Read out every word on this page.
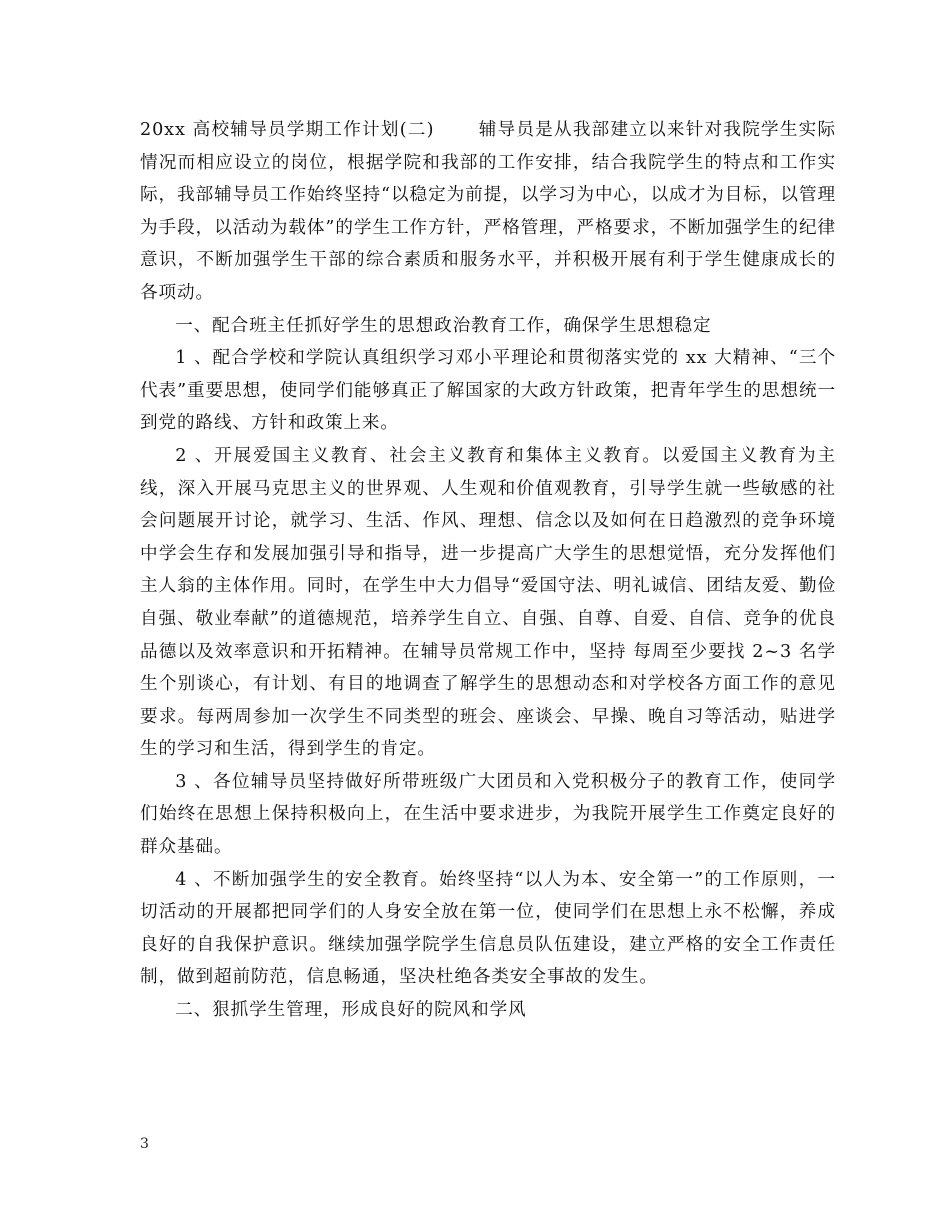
20xx 高校辅导员学期工作计划(二)	辅导员是从我部建立以来针对我院学生实际情况而相应设立的岗位，根据学院和我部的工作安排，结合我院学生的特点和工作实际，我部辅导员工作始终坚持“以稳定为前提，以学习为中心，以成才为目标，以管理为手段，以活动为载体”的学生工作方针，严格管理，严格要求，不断加强学生的纪律意识，不断加强学生干部的综合素质和服务水平，并积极开展有利于学生健康成长的各项动。

一、配合班主任抓好学生的思想政治教育工作，确保学生思想稳定

1 、配合学校和学院认真组织学习邓小平理论和贯彻落实党的 xx 大精神、“三个代表”重要思想，使同学们能够真正了解国家的大政方针政策，把青年学生的思想统一到党的路线、方针和政策上来。

2 、开展爱国主义教育、社会主义教育和集体主义教育。以爱国主义教育为主线，深入开展马克思主义的世界观、人生观和价值观教育，引导学生就一些敏感的社会问题展开讨论，就学习、生活、作风、理想、信念以及如何在日趋激烈的竞争环境中学会生存和发展加强引导和指导，进一步提高广大学生的思想觉悟，充分发挥他们主人翁的主体作用。同时，在学生中大力倡导“爱国守法、明礼诚信、团结友爱、勤俭自强、敬业奉献”的道德规范，培养学生自立、自强、自尊、自爱、自信、竞争的优良品德以及效率意识和开拓精神。在辅导员常规工作中，坚持 每周至少要找 2~3 名学生个别谈心，有计划、有目的地调查了解学生的思想动态和对学校各方面工作的意见要求。每两周参加一次学生不同类型的班会、座谈会、早操、晚自习等活动，贴进学生的学习和生活，得到学生的肯定。

3 、各位辅导员坚持做好所带班级广大团员和入党积极分子的教育工作，使同学们始终在思想上保持积极向上，在生活中要求进步，为我院开展学生工作奠定良好的群众基础。

4 、不断加强学生的安全教育。始终坚持“以人为本、安全第一”的工作原则，一切活动的开展都把同学们的人身安全放在第一位，使同学们在思想上永不松懈，养成良好的自我保护意识。继续加强学院学生信息员队伍建设，建立严格的安全工作责任制，做到超前防范，信息畅通，坚决杜绝各类安全事故的发生。

二、狠抓学生管理，形成良好的院风和学风

3
